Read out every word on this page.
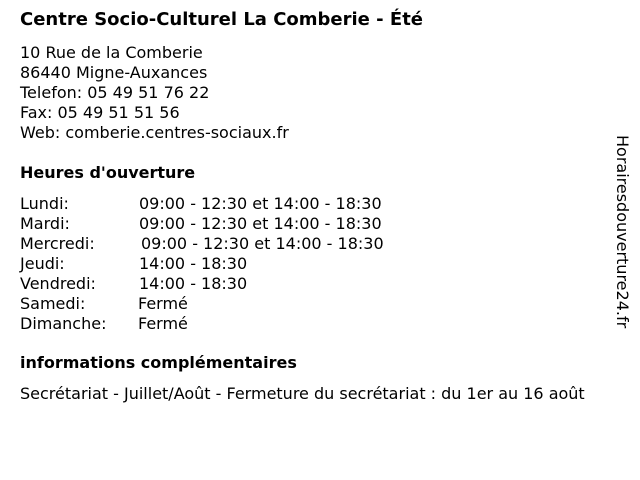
Centre Socio-Culturel La Comberie - Été
10 Rue de la Comberie
86440 Migne-Auxances
Telefon: 05 49 51 76 22
Fax: 05 49 51 51 56
Web: comberie.centres-sociaux.fr
Heures d'ouverture
Lundi:	09:00 - 12:30 et 14:00 - 18:30
Mardi:	09:00 - 12:30 et 14:00 - 18:30
Mercredi:	09:00 - 12:30 et 14:00 - 18:30
Jeudi:	14:00 - 18:30
Vendredi:	14:00 - 18:30
Samedi:	Fermé
Dimanche: Fermé
informations complémentaires
Secrétariat - Juillet/Août - Fermeture du secrétariat : du 1er au 16 août
Horairesdouverture24.fr
